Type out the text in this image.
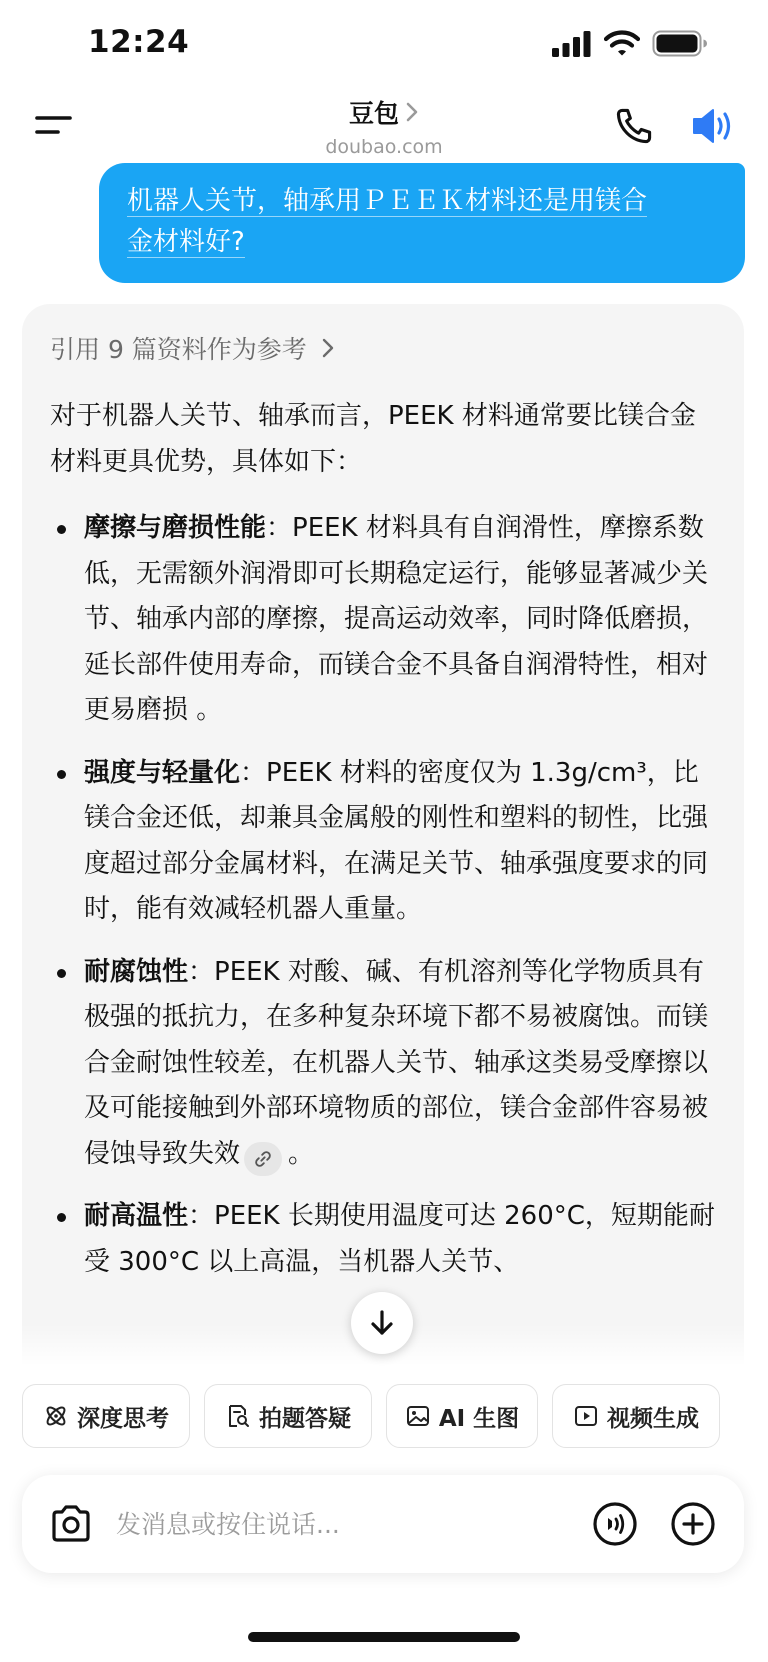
12:24
豆包
doubao.com
机器人关节，轴承用ＰＥＥＫ材料还是用镁合
金材料好?
引用 9 篇资料作为参考

对于机器人关节、轴承而言，PEEK 材料通常要比镁合金材料更具优势，具体如下：

摩擦与磨损性能：PEEK 材料具有自润滑性，摩擦系数低，无需额外润滑即可长期稳定运行，能够显著减少关节、轴承内部的摩擦，提高运动效率，同时降低磨损，延长部件使用寿命，而镁合金不具备自润滑特性，相对更易磨损 。
强度与轻量化：PEEK 材料的密度仅为 1.3g/cm³，比镁合金还低，却兼具金属般的刚性和塑料的韧性，比强度超过部分金属材料，在满足关节、轴承强度要求的同时，能有效减轻机器人重量。
耐腐蚀性：PEEK 对酸、碱、有机溶剂等化学物质具有极强的抵抗力，在多种复杂环境下都不易被腐蚀。而镁合金耐蚀性较差，在机器人关节、轴承这类易受摩擦以及可能接触到外部环境物质的部位，镁合金部件容易被侵蚀导致失效 。
耐高温性：PEEK 长期使用温度可达 260°C，短期能耐受 300°C 以上高温，当机器人关节、
深度思考	拍题答疑	AI 生图	视频生成
发消息或按住说话...
